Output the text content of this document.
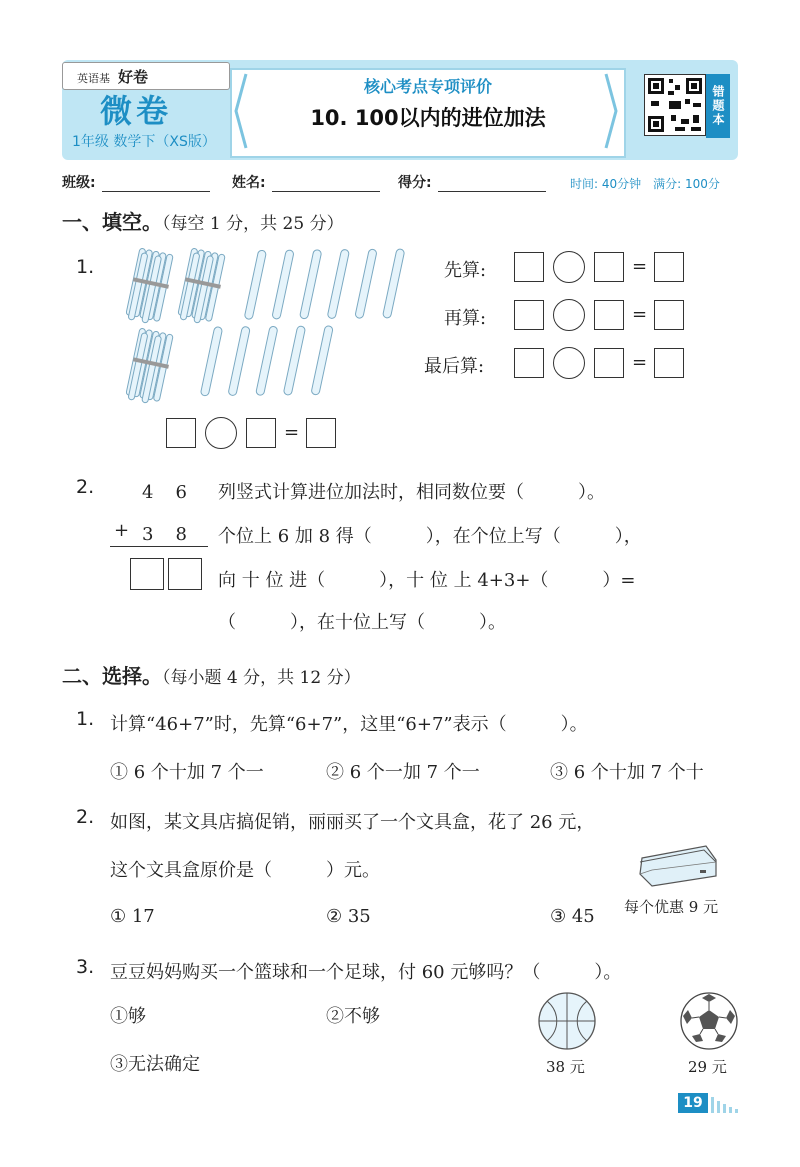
英语基 好卷
微卷
1年级 数学下（XS版）
核心考点专项评价
10. 100以内的进位加法	错题本
班级:	姓名:	得分:	时间: 40分钟　 满分: 100分
一、填空。（每空 1 分，共 25 分）
1.	先算:	=
再算:	=
最后算:	=
=
2.	4　6
+ 3　8
列竖式计算进位加法时，相同数位要（　　　）。
个位上 6 加 8 得（　　　），在个位上写（　　　），
向 十 位 进（　　　），十 位 上 4+3+（　　　）=
（　　　），在十位上写（　　　）。
二、选择。（每小题 4 分，共 12 分）
1. 计算“46+7”时，先算“6+7”，这里“6+7”表示（　　　）。
① 6 个十加 7 个一	② 6 个一加 7 个一	③ 6 个十加 7 个十
2. 如图，某文具店搞促销，丽丽买了一个文具盒，花了 26 元，
这个文具盒原价是（　　　）元。
每个优惠 9 元
① 17	② 35	③ 45
3. 豆豆妈妈购买一个篮球和一个足球，付 60 元够吗？（　　　）。
①够	②不够
③无法确定	38 元	29 元
19
